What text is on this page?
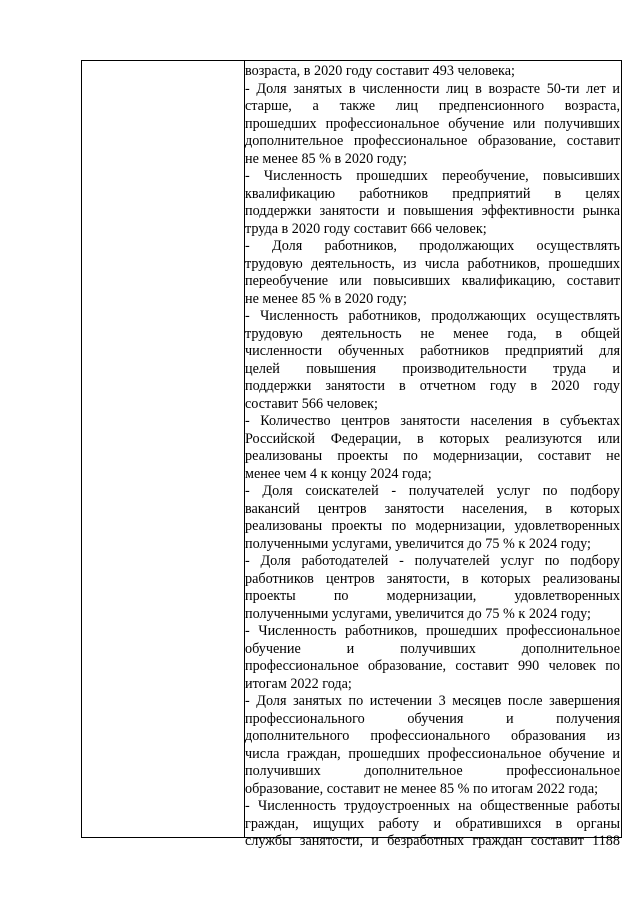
возраста, в 2020 году составит 493 человека;
- Доля занятых в численности лиц в возрасте 50-ти лет и
старше, а также лиц предпенсионного возраста,
прошедших профессиональное обучение или получивших
дополнительное профессиональное образование, составит
не менее 85 % в 2020 году;
- Численность прошедших переобучение, повысивших
квалификацию работников предприятий в целях
поддержки занятости и повышения эффективности рынка
труда в 2020 году составит 666 человек;
- Доля работников, продолжающих осуществлять
трудовую деятельность, из числа работников, прошедших
переобучение или повысивших квалификацию, составит
не менее 85 % в 2020 году;
- Численность работников, продолжающих осуществлять
трудовую деятельность не менее года, в общей
численности обученных работников предприятий для
целей повышения производительности труда и
поддержки занятости в отчетном году в 2020 году
составит 566 человек;
- Количество центров занятости населения в субъектах
Российской Федерации, в которых реализуются или
реализованы проекты по модернизации, составит не
менее чем 4 к концу 2024 года;
- Доля соискателей - получателей услуг по подбору
вакансий центров занятости населения, в которых
реализованы проекты по модернизации, удовлетворенных
полученными услугами, увеличится до 75 % к 2024 году;
- Доля работодателей - получателей услуг по подбору
работников центров занятости, в которых реализованы
проекты по модернизации, удовлетворенных
полученными услугами, увеличится до 75 % к 2024 году;
- Численность работников, прошедших профессиональное
обучение и получивших дополнительное
профессиональное образование, составит 990 человек по
итогам 2022 года;
- Доля занятых по истечении 3 месяцев после завершения
профессионального обучения и получения
дополнительного профессионального образования из
числа граждан, прошедших профессиональное обучение и
получивших дополнительное профессиональное
образование, составит не менее 85 % по итогам 2022 года;
- Численность трудоустроенных на общественные работы
граждан, ищущих работу и обратившихся в органы
службы занятости, и безработных граждан составит 1188
